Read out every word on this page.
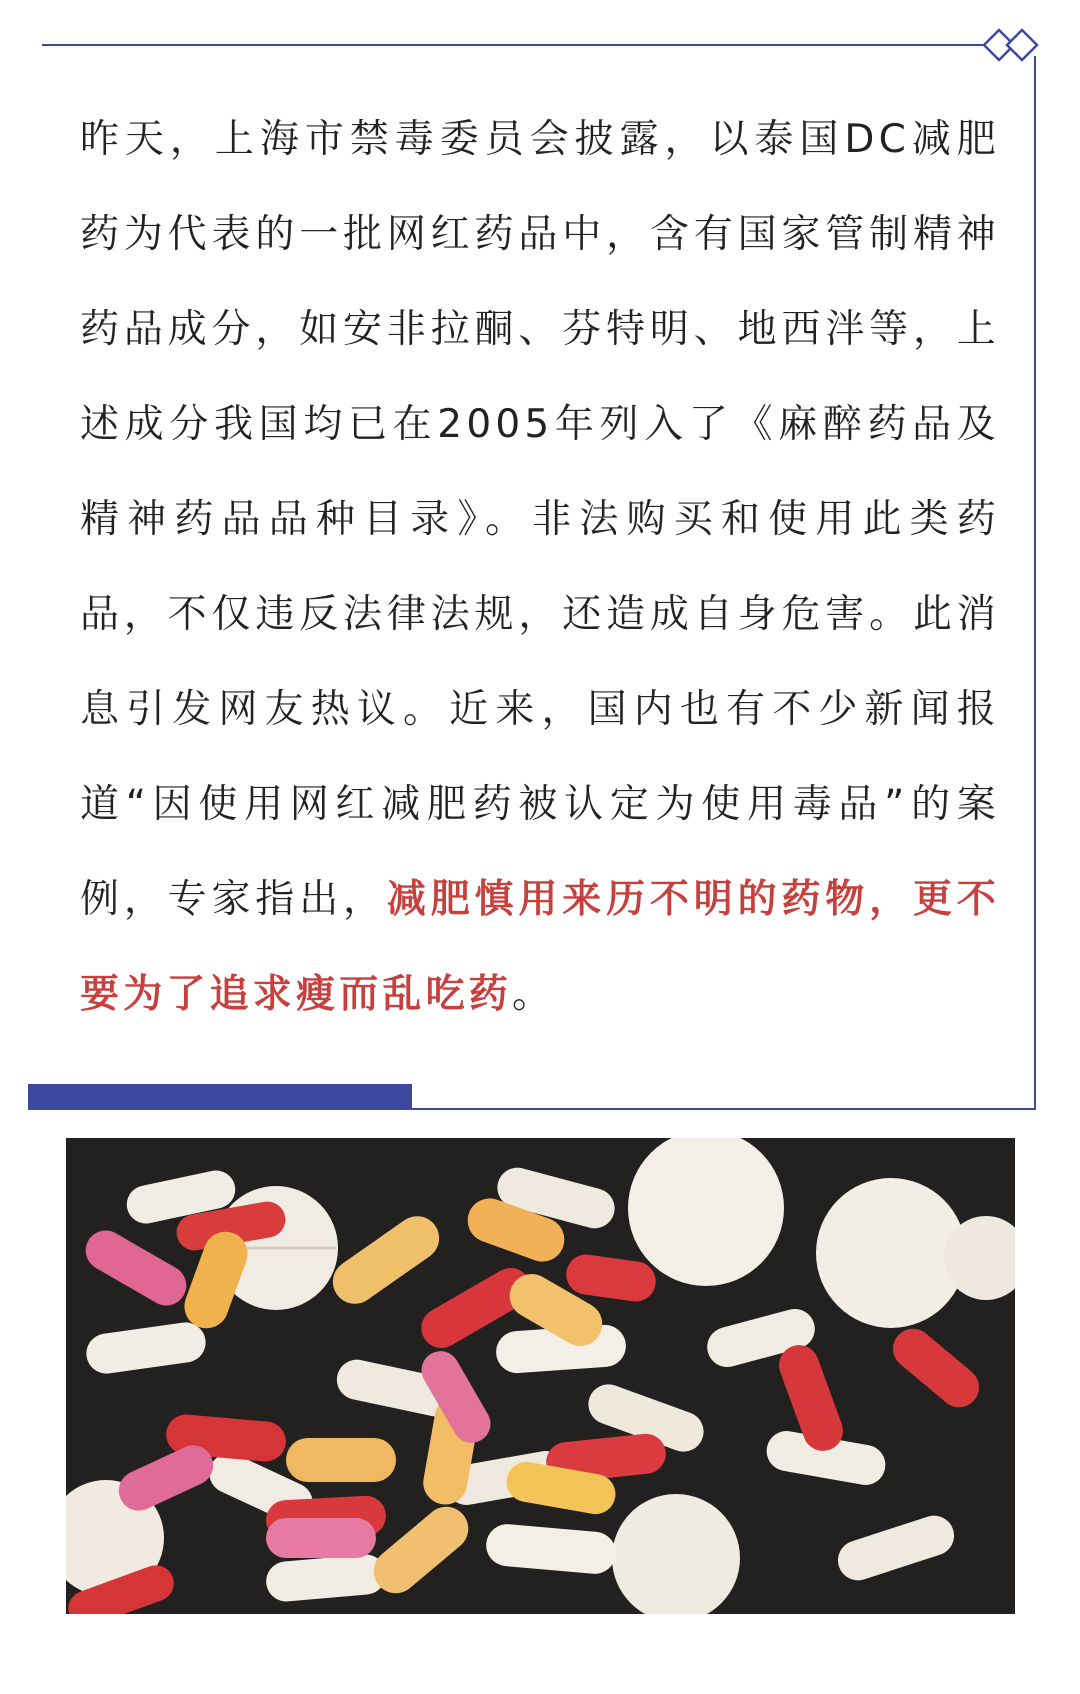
昨天，上海市禁毒委员会披露，以泰国DC减肥药为代表的一批网红药品中，含有国家管制精神药品成分，如安非拉酮、芬特明、地西泮等，上述成分我国均已在2005年列入了《麻醉药品及精神药品品种目录》。非法购买和使用此类药品，不仅违反法律法规，还造成自身危害。此消息引发网友热议。近来，国内也有不少新闻报道“因使用网红减肥药被认定为使用毒品”的案例，专家指出，减肥慎用来历不明的药物，更不要为了追求瘦而乱吃药。
